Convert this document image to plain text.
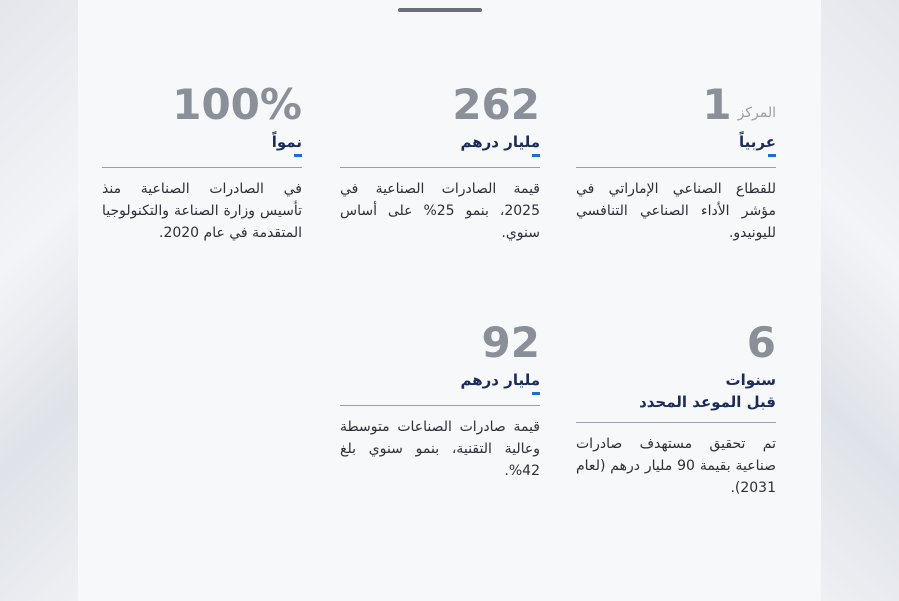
المركز
1
عربياً
للقطاع الصناعي الإماراتي في مؤشر الأداء الصناعي التنافسي لليونيدو.
262
مليار درهم
قيمة الصادرات الصناعية في 2025، بنمو 25% على أساس سنوي.
100%
نمواً
في الصادرات الصناعية منذ تأسيس وزارة الصناعة والتكنولوجيا المتقدمة في عام 2020.
6
سنوات
قبل الموعد المحدد
تم تحقيق مستهدف صادرات صناعية بقيمة 90 مليار درهم (لعام 2031).
92
مليار درهم
قيمة صادرات الصناعات متوسطة وعالية التقنية، بنمو سنوي بلغ 42%.
